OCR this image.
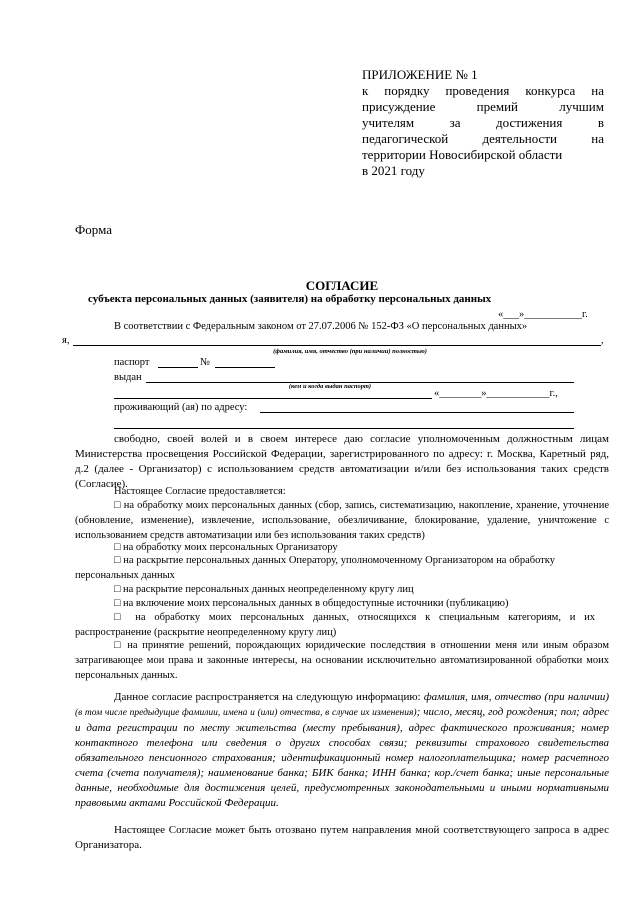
ПРИЛОЖЕНИЕ № 1
к порядку проведения конкурса на
присуждение премий лучшим
учителям за достижения в
педагогической деятельности на
территории Новосибирской области
в 2021 году
Форма
СОГЛАСИЕ
субъекта персональных данных (заявителя) на обработку персональных данных
«___»___________г.
В соответствии с Федеральным законом от 27.07.2006 № 152-ФЗ «О персональных данных»
я,	,
(фамилия, имя, отчество (при наличии) полностью)
паспорт	№
выдан
(кем и когда выдан паспорт)
«________»____________г.,
проживающий (ая) по адресу:
свободно, своей волей и в своем интересе даю согласие уполномоченным должностным лицам Министерства просвещения Российской Федерации, зарегистрированного по адресу: г. Москва, Каретный ряд, д.2 (далее - Организатор) с использованием средств автоматизации и/или без использования таких средств (Согласие).
Настоящее Согласие предоставляется:
□ на обработку моих персональных данных (сбор, запись, систематизацию, накопление, хранение, уточнение (обновление, изменение), извлечение, использование, обезличивание, блокирование, удаление, уничтожение с использованием средств автоматизации или без использования таких средств)
□ на обработку моих персональных Организатору
□ на раскрытие персональных данных Оператору, уполномоченному Организатором на обработку персональных данных
□ на раскрытие персональных данных неопределенному кругу лиц
□ на включение моих персональных данных в общедоступные источники (публикацию)
□ на обработку моих персональных данных, относящихся к специальным категориям, и их распространение (раскрытие неопределенному кругу лиц)
□ на принятие решений, порождающих юридические последствия в отношении меня или иным образом затрагивающее мои права и законные интересы, на основании исключительно автоматизированной обработки моих персональных данных.
Данное согласие распространяется на следующую информацию: фамилия, имя, отчество (при наличии) (в том числе предыдущие фамилии, имена и (или) отчества, в случае их изменения); число, месяц, год рождения; пол; адрес и дата регистрации по месту жительства (месту пребывания), адрес фактического проживания; номер контактного телефона или сведения о других способах связи; реквизиты страхового свидетельства обязательного пенсионного страхования; идентификационный номер налогоплательщика; номер расчетного счета (счета получателя); наименование банка; БИК банка; ИНН банка; кор./счет банка; иные персональные данные, необходимые для достижения целей, предусмотренных законодательными и иными нормативными правовыми актами Российской Федерации.
Настоящее Согласие может быть отозвано путем направления мной соответствующего запроса в адрес Организатора.
